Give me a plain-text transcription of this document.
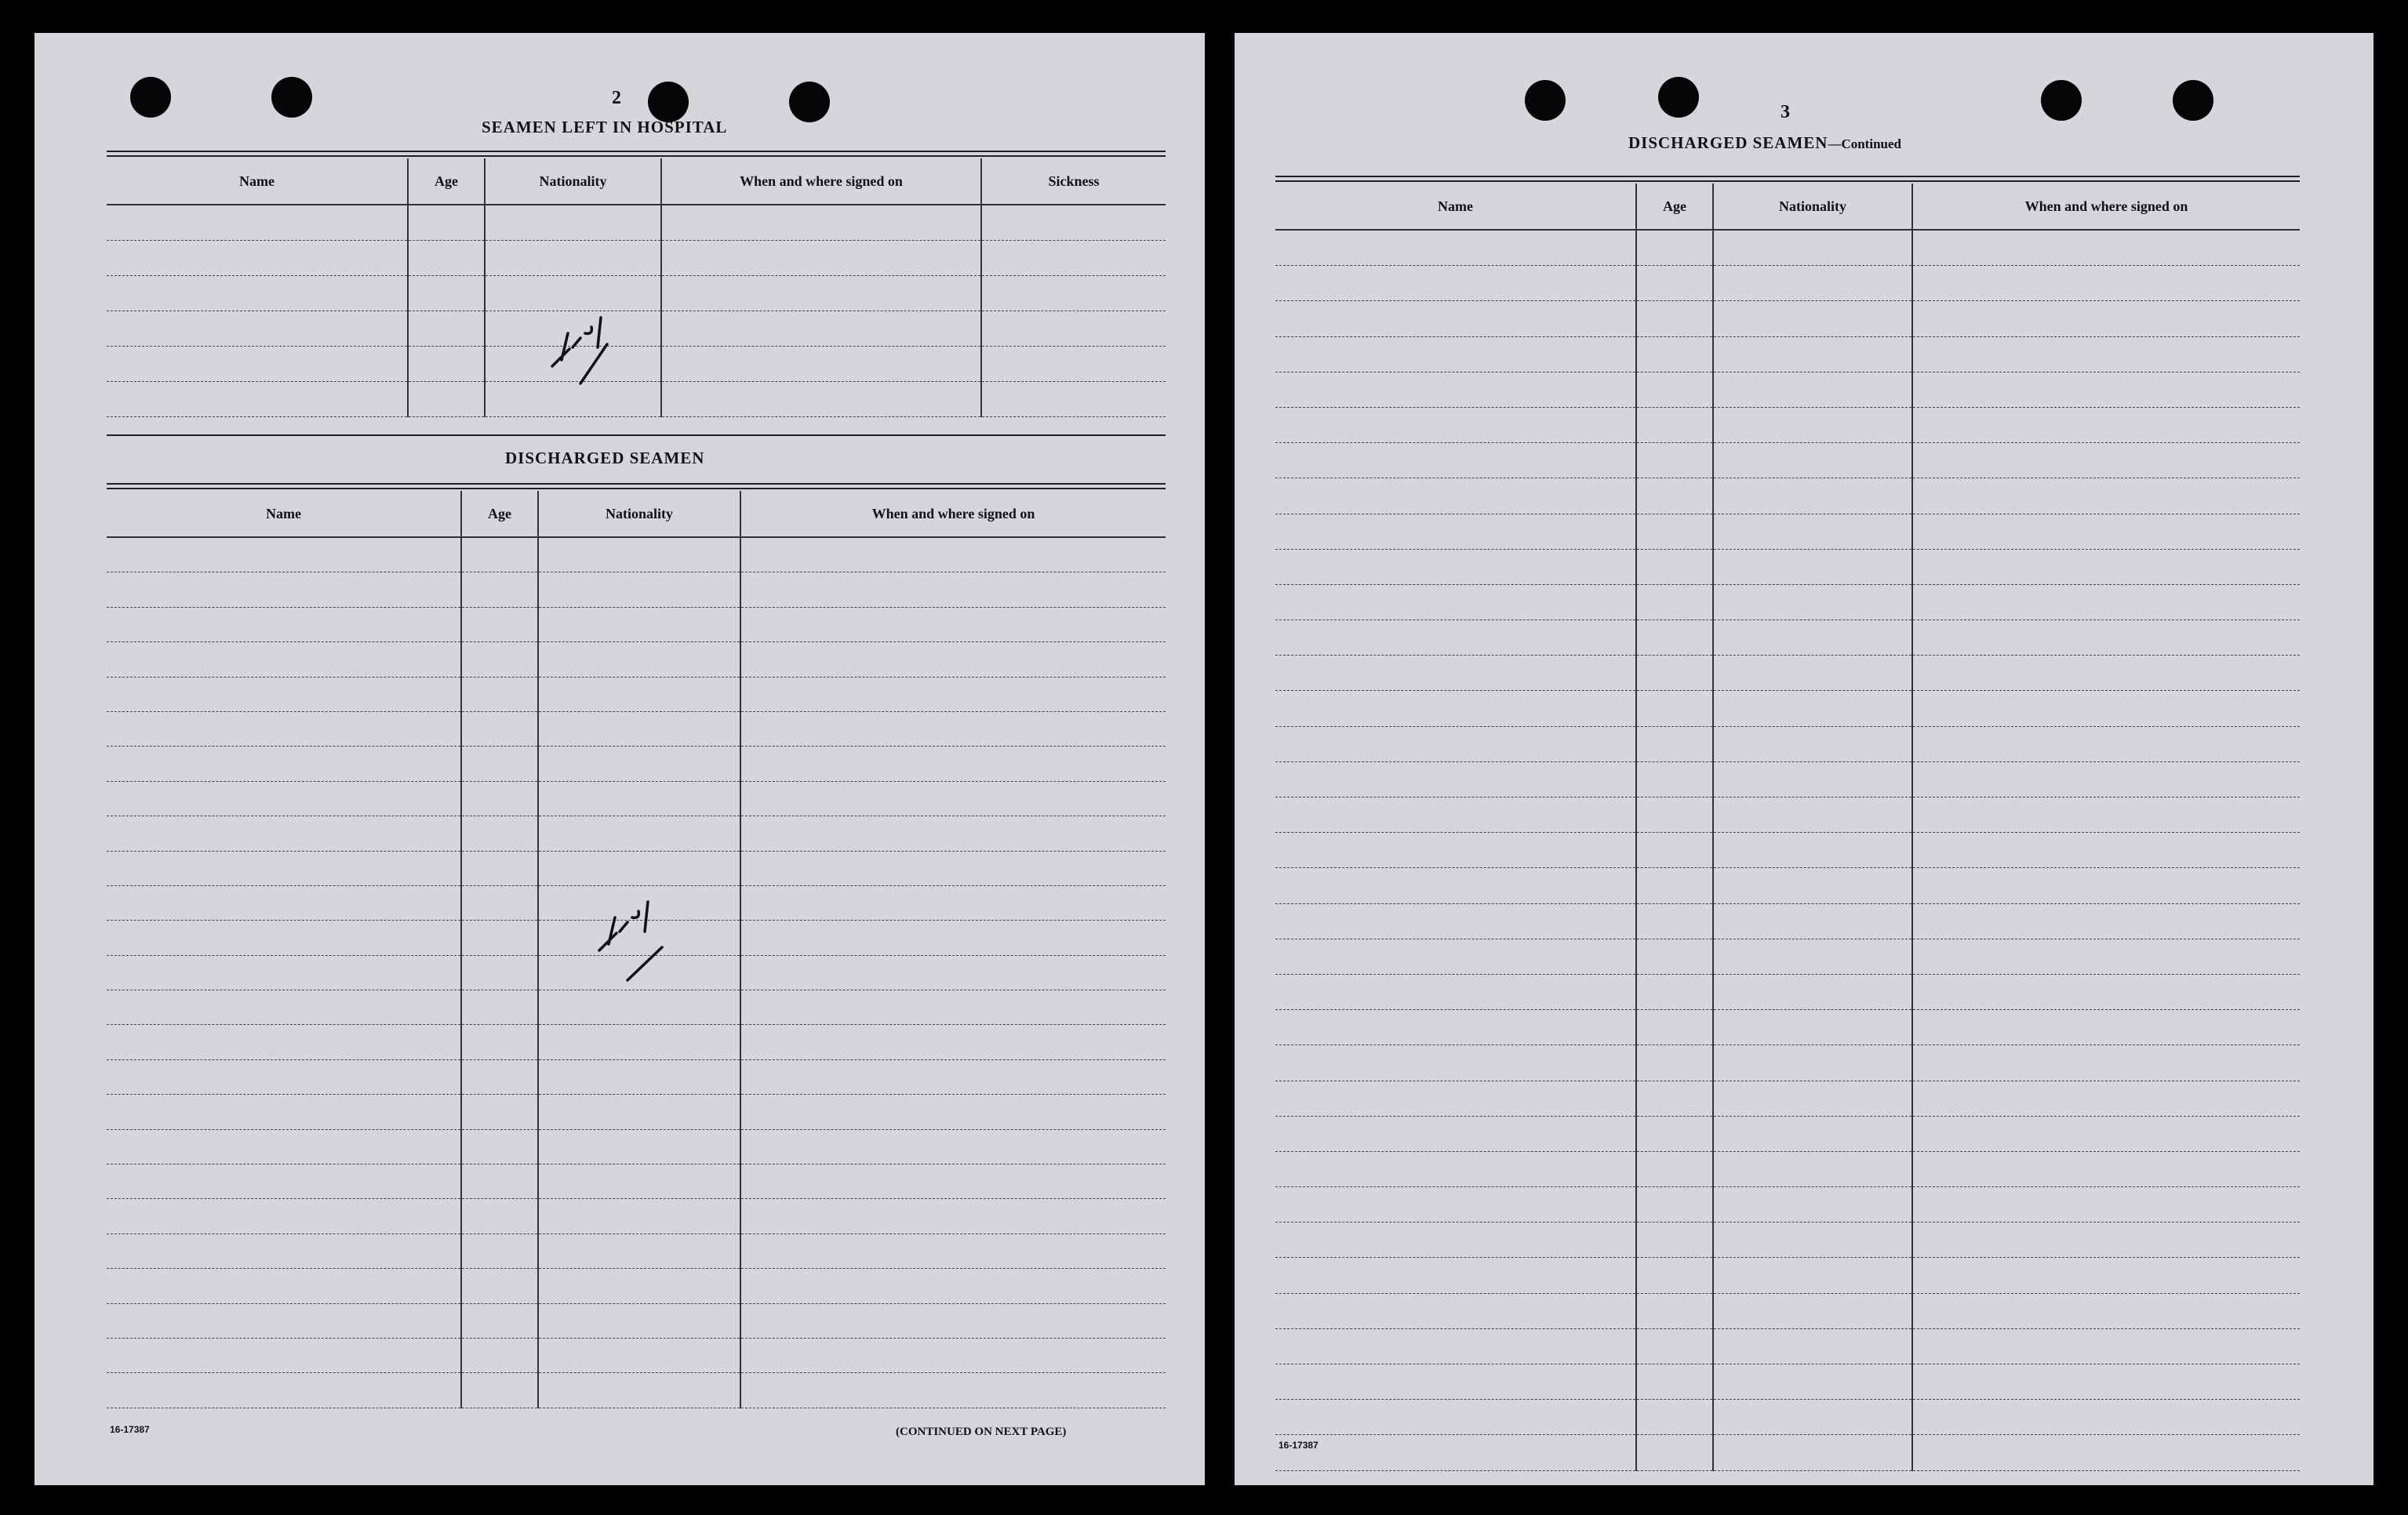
2
SEAMEN LEFT IN HOSPITAL
Name	Age	Nationality	When and where signed on	Sickness

DISCHARGED SEAMEN
Name	Age	Nationality	When and where signed on

16-17387	(CONTINUED ON NEXT PAGE)
3
DISCHARGED SEAMEN—Continued
Name	Age	Nationality	When and where signed on

16-17387
